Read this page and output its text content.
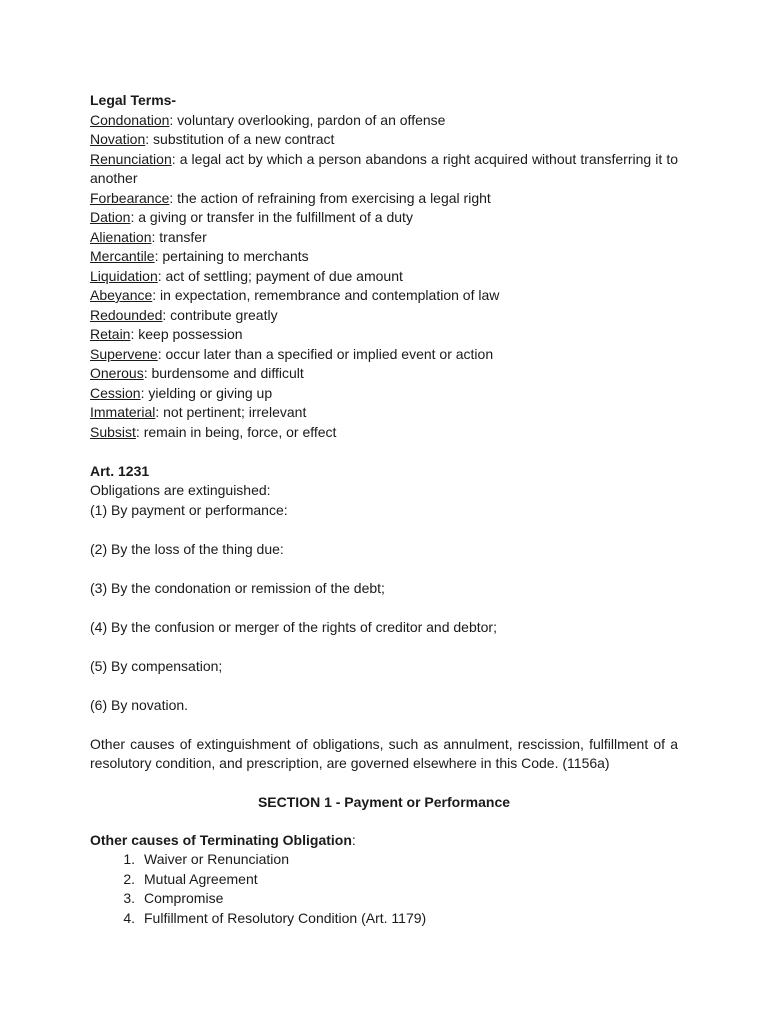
Legal Terms-
Condonation: voluntary overlooking, pardon of an offense
Novation: substitution of a new contract
Renunciation: a legal act by which a person abandons a right acquired without transferring it to another
Forbearance: the action of refraining from exercising a legal right
Dation: a giving or transfer in the fulfillment of a duty
Alienation: transfer
Mercantile: pertaining to merchants
Liquidation: act of settling; payment of due amount
Abeyance: in expectation, remembrance and contemplation of law
Redounded: contribute greatly
Retain: keep possession
Supervene: occur later than a specified or implied event or action
Onerous: burdensome and difficult
Cession: yielding or giving up
Immaterial: not pertinent; irrelevant
Subsist: remain in being, force, or effect
Art. 1231
Obligations are extinguished:
(1) By payment or performance:
(2) By the loss of the thing due:
(3) By the condonation or remission of the debt;
(4) By the confusion or merger of the rights of creditor and debtor;
(5) By compensation;
(6) By novation.
Other causes of extinguishment of obligations, such as annulment, rescission, fulfillment of a resolutory condition, and prescription, are governed elsewhere in this Code. (1156a)
SECTION 1 - Payment or Performance
Other causes of Terminating Obligation:
1. Waiver or Renunciation
2. Mutual Agreement
3. Compromise
4. Fulfillment of Resolutory Condition (Art. 1179)
